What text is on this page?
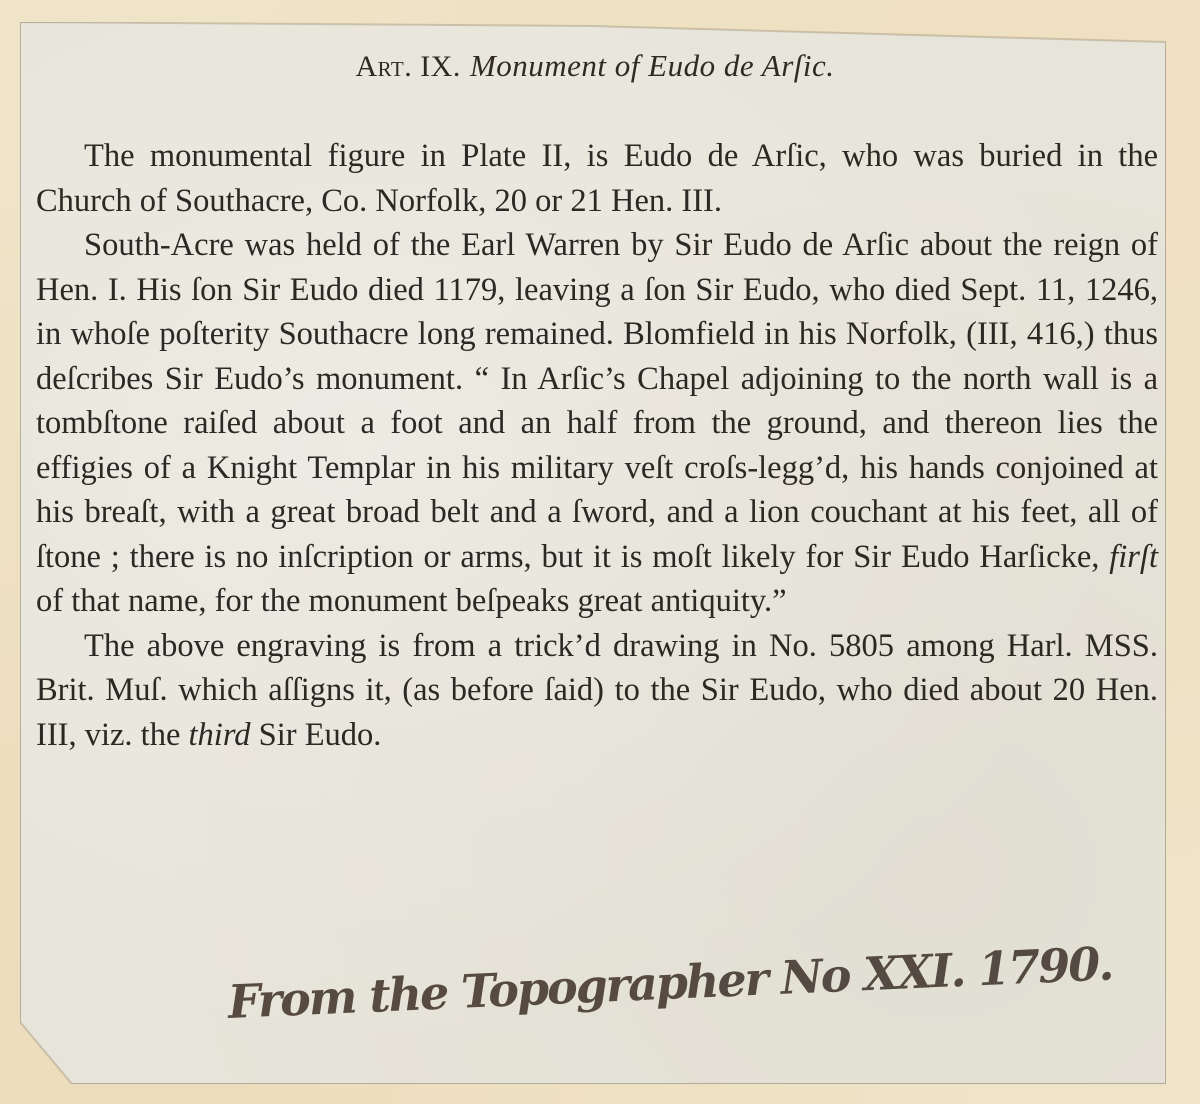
Art. IX. Monument of Eudo de Arſic.

The monumental figure in Plate II, is Eudo de Arſic, who was buried in the Church of Southacre, Co. Norfolk, 20 or 21 Hen. III.

South-Acre was held of the Earl Warren by Sir Eudo de Arſic about the reign of Hen. I. His ſon Sir Eudo died 1179, leaving a ſon Sir Eudo, who died Sept. 11, 1246, in whoſe poſterity Southacre long remained. Blomfield in his Norfolk, (III, 416,) thus deſcribes Sir Eudo’s monument. “ In Arſic’s Chapel adjoining to the north wall is a tombſtone raiſed about a foot and an half from the ground, and thereon lies the effigies of a Knight Templar in his military veſt croſs-legg’d, his hands conjoined at his breaſt, with a great broad belt and a ſword, and a lion couchant at his feet, all of ſtone ; there is no inſcription or arms, but it is moſt likely for Sir Eudo Harſicke, firſt of that name, for the monument beſpeaks great antiquity.”

The above engraving is from a trick’d drawing in No. 5805 among Harl. MSS. Brit. Muſ. which aſſigns it, (as before ſaid) to the Sir Eudo, who died about 20 Hen. III, viz. the third Sir Eudo.

From the Topographer No XXI. 1790.
